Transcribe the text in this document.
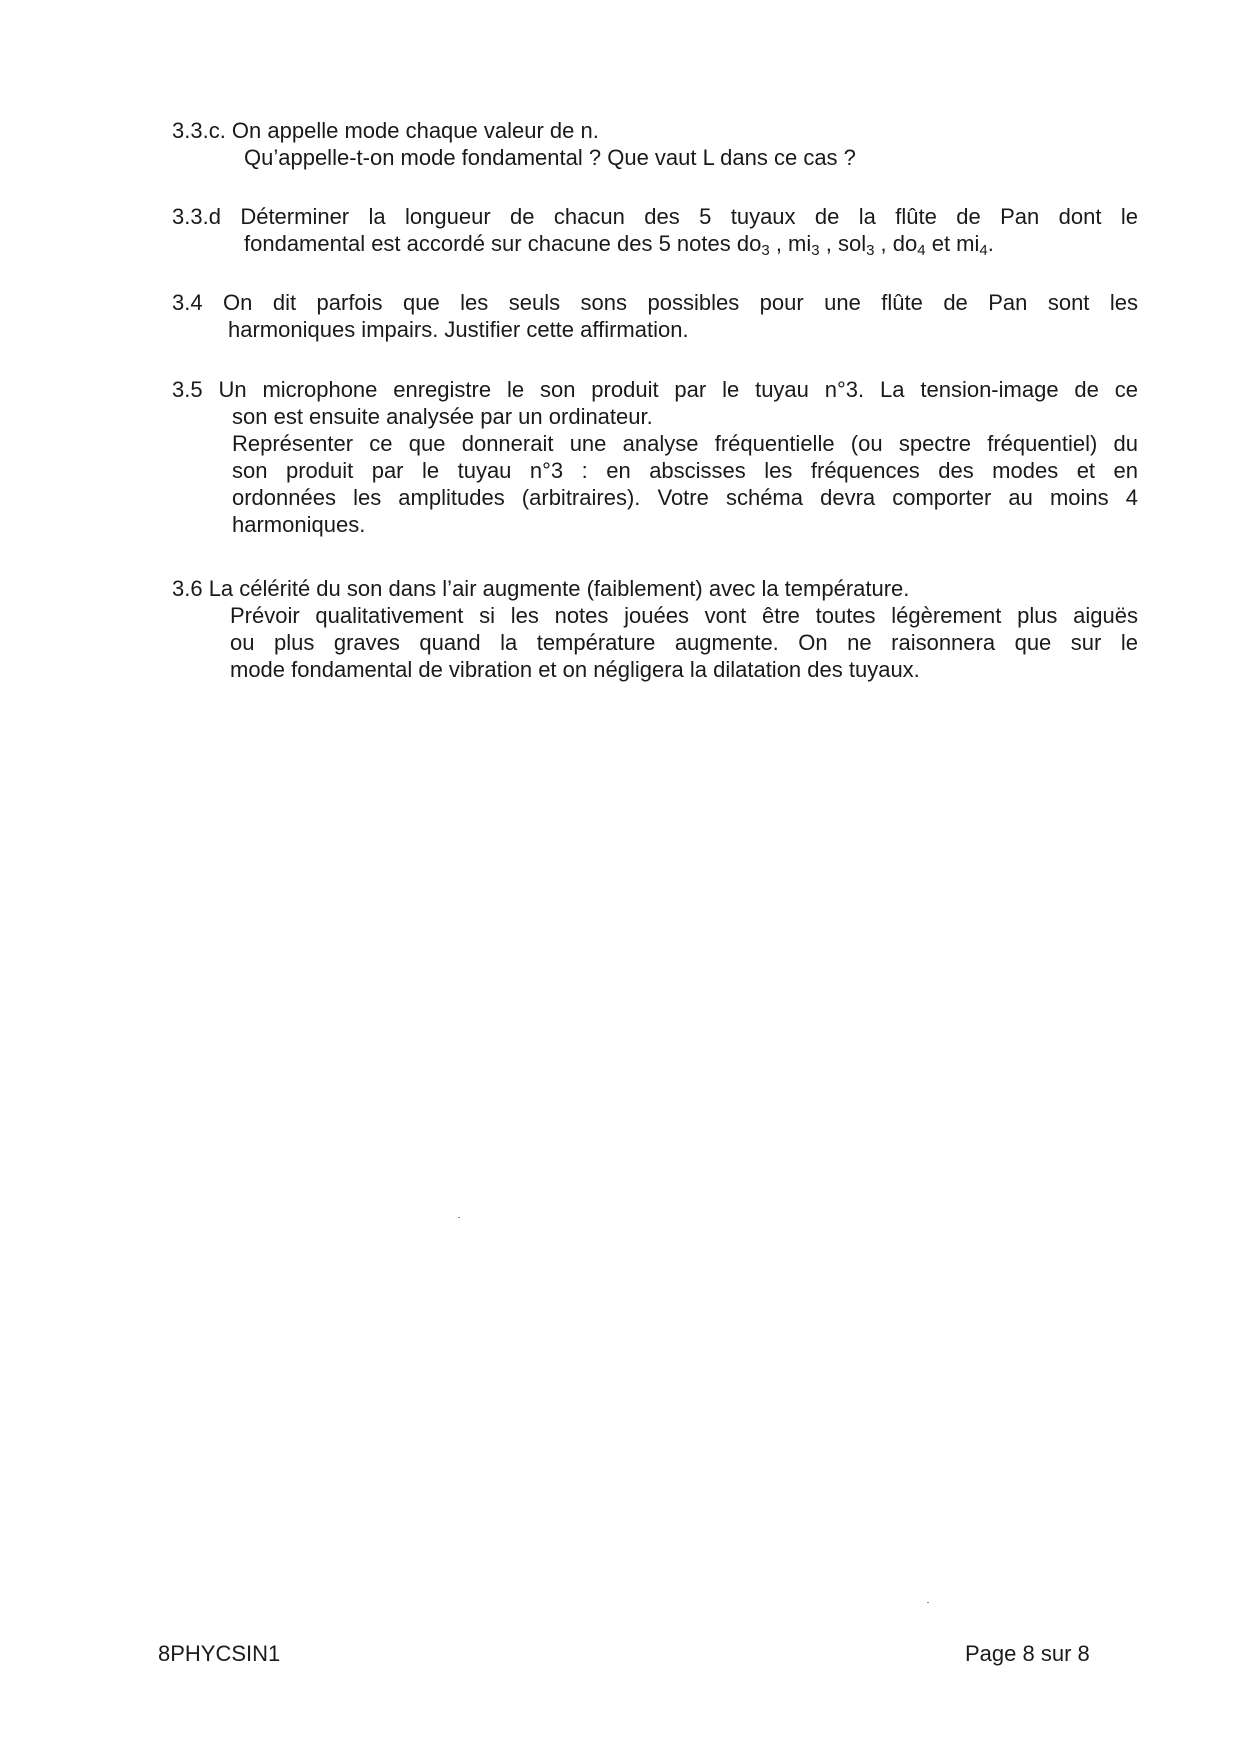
3.3.c. On appelle mode chaque valeur de n.
Qu’appelle-t-on mode fondamental ? Que vaut L dans ce cas ?
3.3.d Déterminer la longueur de chacun des 5 tuyaux de la flûte de Pan dont le
fondamental est accordé sur chacune des 5 notes $do_3$ , $mi_3$ , sol$_3$ , $do_4$ et $mi_4$.
3.4 On dit parfois que les seuls sons possibles pour une flûte de Pan sont les
harmoniques impairs. Justifier cette affirmation.
3.5 Un microphone enregistre le son produit par le tuyau n°3. La tension-image de ce
son est ensuite analysée par un ordinateur.
Représenter ce que donnerait une analyse fréquentielle (ou spectre fréquentiel) du
son produit par le tuyau n°3 : en abscisses les fréquences des modes et en
ordonnées les amplitudes (arbitraires). Votre schéma devra comporter au moins 4
harmoniques.
3.6 La célérité du son dans l’air augmente (faiblement) avec la température.
Prévoir qualitativement si les notes jouées vont être toutes légèrement plus aiguës
ou plus graves quand la température augmente. On ne raisonnera que sur le
mode fondamental de vibration et on négligera la dilatation des tuyaux.
8PHYCSIN1	Page 8 sur 8
